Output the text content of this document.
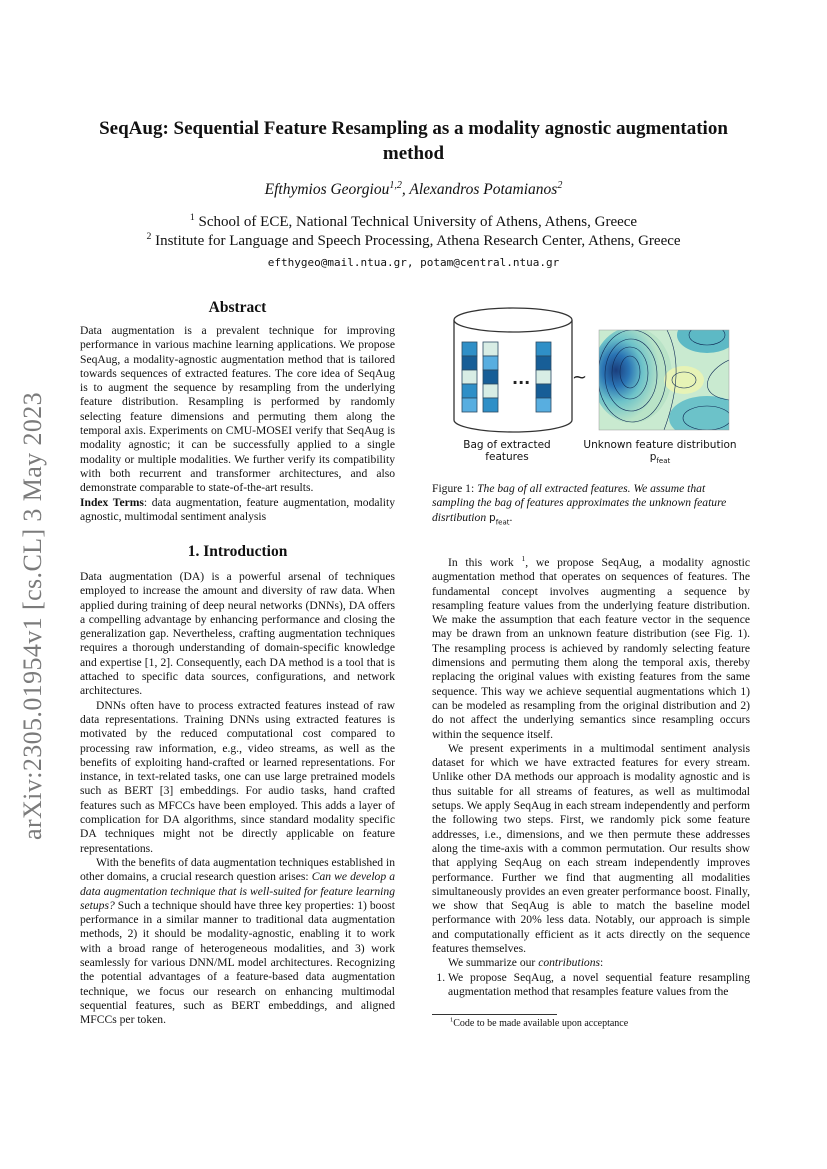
arXiv:2305.01954v1 [cs.CL] 3 May 2023
SeqAug: Sequential Feature Resampling as a modality agnostic augmentation
method
Efthymios Georgiou$^{1,2}$, Alexandros Potamianos$^2$
$^1$ School of ECE, National Technical University of Athens, Athens, Greece
$^2$ Institute for Language and Speech Processing, Athena Research Center, Athens, Greece
efthygeo@mail.ntua.gr, potam@central.ntua.gr
Abstract

Data augmentation is a prevalent technique for improving performance in various machine learning applications. We propose SeqAug, a modality-agnostic augmentation method that is tailored towards sequences of extracted features. The core idea of SeqAug is to augment the sequence by resampling from the underlying feature distribution. Resampling is performed by randomly selecting feature dimensions and permuting them along the temporal axis. Experiments on CMU-MOSEI verify that SeqAug is modality agnostic; it can be successfully applied to a single modality or multiple modalities. We further verify its compatibility with both recurrent and transformer architectures, and also demonstrate comparable to state-of-the-art results.

Index Terms: data augmentation, feature augmentation, modality agnostic, multimodal sentiment analysis

1. Introduction

Data augmentation (DA) is a powerful arsenal of techniques employed to increase the amount and diversity of raw data. When applied during training of deep neural networks (DNNs), DA offers a compelling advantage by enhancing performance and closing the generalization gap. Nevertheless, crafting augmentation techniques requires a thorough understanding of domain-specific knowledge and expertise [1, 2]. Consequently, each DA method is a tool that is attached to specific data sources, configurations, and network architectures.

DNNs often have to process extracted features instead of raw data representations. Training DNNs using extracted features is motivated by the reduced computational cost compared to processing raw information, e.g., video streams, as well as the benefits of exploiting hand-crafted or learned representations. For instance, in text-related tasks, one can use large pretrained models such as BERT [3] embeddings. For audio tasks, hand crafted features such as MFCCs have been employed. This adds a layer of complication for DA algorithms, since standard modality specific DA techniques might not be directly applicable on feature representations.

With the benefits of data augmentation techniques established in other domains, a crucial research question arises: Can we develop a data augmentation technique that is well-suited for feature learning setups? Such a technique should have three key properties: 1) boost performance in a similar manner to traditional data augmentation methods, 2) it should be modality-agnostic, enabling it to work with a broad range of heterogeneous modalities, and 3) work seamlessly for various DNN/ML model architectures. Recognizing the potential advantages of a feature-based data augmentation technique, we focus our research on enhancing multimodal sequential features, such as BERT embeddings, and aligned MFCCs per token.

... ~
Bag of extracted
features
Unknown feature distribution
$p_{feat}$
Figure 1: The bag of all extracted features. We assume that sampling the bag of features approximates the unknown feature disrtibution $p_{feat}$.

In this work $^1$, we propose SeqAug, a modality agnostic augmentation method that operates on sequences of features. The fundamental concept involves augmenting a sequence by resampling feature values from the underlying feature distribution. We make the assumption that each feature vector in the sequence may be drawn from an unknown feature distribution (see Fig. 1). The resampling process is achieved by randomly selecting feature dimensions and permuting them along the temporal axis, thereby replacing the original values with existing features from the same sequence. This way we achieve sequential augmentations which 1) can be modeled as resampling from the original distribution and 2) do not affect the underlying semantics since resampling occurs within the sequence itself.

We present experiments in a multimodal sentiment analysis dataset for which we have extracted features for every stream. Unlike other DA methods our approach is modality agnostic and is thus suitable for all streams of features, as well as multimodal setups. We apply SeqAug in each stream independently and perform the following two steps. First, we randomly pick some feature addresses, i.e., dimensions, and we then permute these addresses along the time-axis with a common permutation. Our results show that applying SeqAug on each stream independently improves performance. Further we find that augmenting all modalities simultaneously provides an even greater performance boost. Finally, we show that SeqAug is able to match the baseline model performance with 20% less data. Notably, our approach is simple and computationally efficient as it acts directly on the sequence features themselves.

We summarize our contributions:

1. We propose SeqAug, a novel sequential feature resampling augmentation method that resamples feature values from the
$^1$Code to be made available upon acceptance
